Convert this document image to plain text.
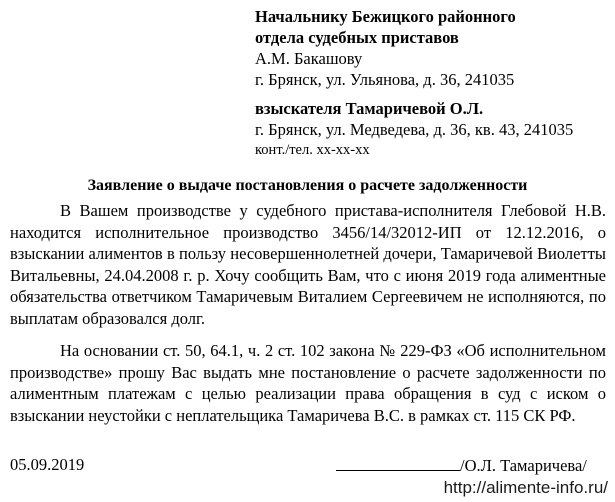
Начальнику Бежицкого районного
отдела судебных приставов
А.М. Бакашову
г. Брянск, ул. Ульянова, д. 36, 241035
взыскателя Тамаричевой О.Л.
г. Брянск, ул. Медведева, д. 36, кв. 43, 241035
конт./тел. хх-хх-хх
Заявление о выдаче постановления о расчете задолженности

В Вашем производстве у судебного пристава-исполнителя Глебовой Н.В. находится исполнительное производство 3456/14/32012-ИП от 12.12.2016, о взыскании алиментов в пользу несовершеннолетней дочери, Тамаричевой Виолетты Витальевны, 24.04.2008 г. р. Хочу сообщить Вам, что с июня 2019 года алиментные обязательства ответчиком Тамаричевым Виталием Сергеевичем не исполняются, по выплатам образовался долг.

На основании ст. 50, 64.1, ч. 2 ст. 102 закона № 229-ФЗ «Об исполнительном производстве» прошу Вас выдать мне постановление о расчете задолженности по алиментным платежам с целью реализации права обращения в суд с иском о взыскании неустойки с неплательщика Тамаричева В.С. в рамках ст. 115 СК РФ.

05.09.2019	/О.Л. Тамаричева/
http://alimente-info.ru/
